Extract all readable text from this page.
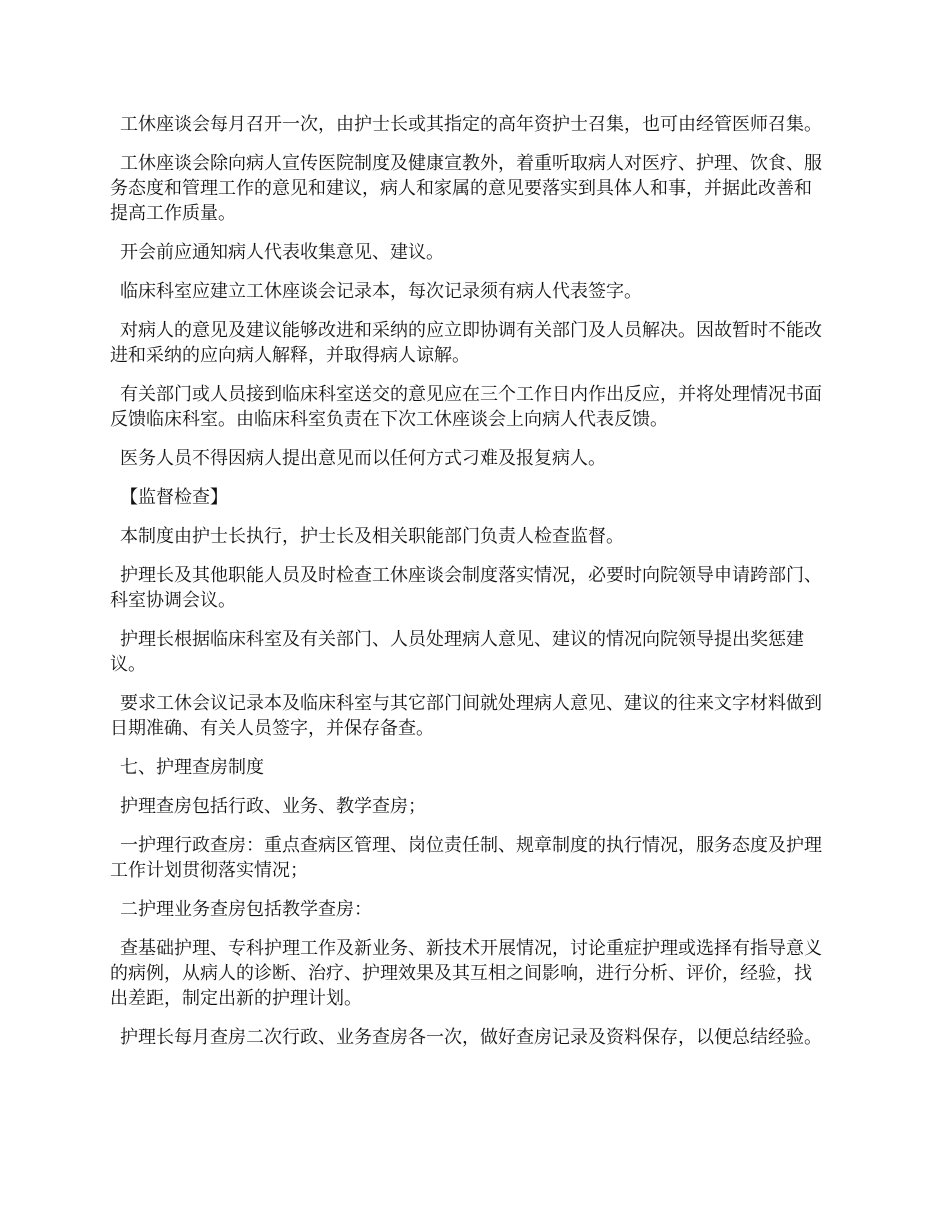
工休座谈会每月召开一次，由护士长或其指定的高年资护士召集，也可由经管医师召集。

工休座谈会除向病人宣传医院制度及健康宣教外，着重听取病人对医疗、护理、饮食、服务态度和管理工作的意见和建议，病人和家属的意见要落实到具体人和事，并据此改善和提高工作质量。

开会前应通知病人代表收集意见、建议。

临床科室应建立工休座谈会记录本，每次记录须有病人代表签字。

对病人的意见及建议能够改进和采纳的应立即协调有关部门及人员解决。因故暂时不能改进和采纳的应向病人解释，并取得病人谅解。

有关部门或人员接到临床科室送交的意见应在三个工作日内作出反应，并将处理情况书面反馈临床科室。由临床科室负责在下次工休座谈会上向病人代表反馈。

医务人员不得因病人提出意见而以任何方式刁难及报复病人。

【监督检查】

本制度由护士长执行，护士长及相关职能部门负责人检查监督。

护理长及其他职能人员及时检查工休座谈会制度落实情况，必要时向院领导申请跨部门、科室协调会议。

护理长根据临床科室及有关部门、人员处理病人意见、建议的情况向院领导提出奖惩建议。

要求工休会议记录本及临床科室与其它部门间就处理病人意见、建议的往来文字材料做到日期准确、有关人员签字，并保存备查。

七、护理查房制度

护理查房包括行政、业务、教学查房；

一护理行政查房：重点查病区管理、岗位责任制、规章制度的执行情况，服务态度及护理工作计划贯彻落实情况；

二护理业务查房包括教学查房：

查基础护理、专科护理工作及新业务、新技术开展情况，讨论重症护理或选择有指导意义的病例，从病人的诊断、治疗、护理效果及其互相之间影响，进行分析、评价，经验，找出差距，制定出新的护理计划。

护理长每月查房二次行政、业务查房各一次，做好查房记录及资料保存，以便总结经验。
